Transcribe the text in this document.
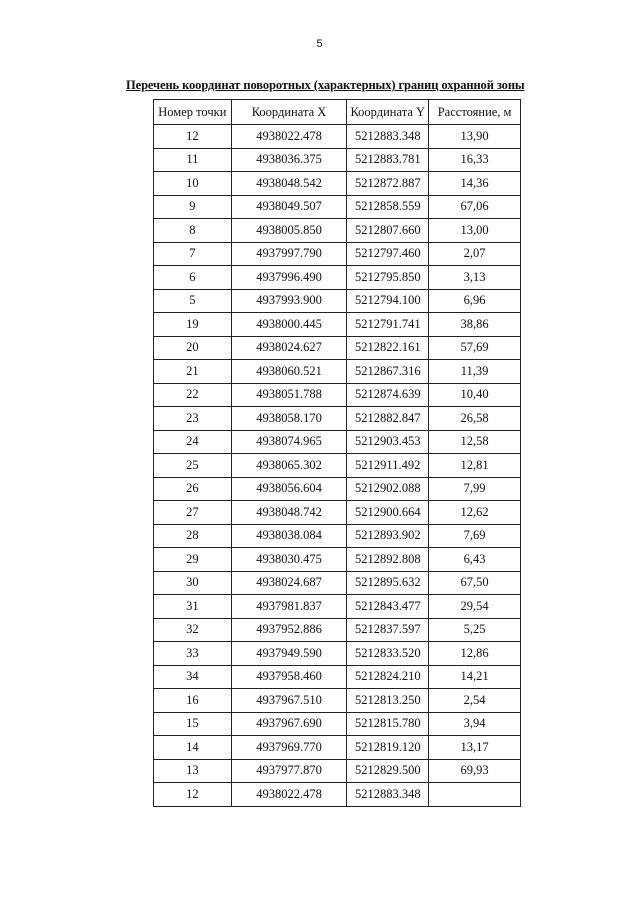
5
Перечень координат поворотных (характерных) границ охранной зоны
Номер точки	Координата X	Координата Y	Расстояние, м
12	4938022.478	5212883.348	13,90
11	4938036.375	5212883.781	16,33
10	4938048.542	5212872.887	14,36
9	4938049.507	5212858.559	67,06
8	4938005.850	5212807.660	13,00
7	4937997.790	5212797.460	2,07
6	4937996.490	5212795.850	3,13
5	4937993.900	5212794.100	6,96
19	4938000.445	5212791.741	38,86
20	4938024.627	5212822.161	57,69
21	4938060.521	5212867.316	11,39
22	4938051.788	5212874.639	10,40
23	4938058.170	5212882.847	26,58
24	4938074.965	5212903.453	12,58
25	4938065.302	5212911.492	12,81
26	4938056.604	5212902.088	7,99
27	4938048.742	5212900.664	12,62
28	4938038.084	5212893.902	7,69
29	4938030.475	5212892.808	6,43
30	4938024.687	5212895.632	67,50
31	4937981.837	5212843.477	29,54
32	4937952.886	5212837.597	5,25
33	4937949.590	5212833.520	12,86
34	4937958.460	5212824.210	14,21
16	4937967.510	5212813.250	2,54
15	4937967.690	5212815.780	3,94
14	4937969.770	5212819.120	13,17
13	4937977.870	5212829.500	69,93
12	4938022.478	5212883.348	
